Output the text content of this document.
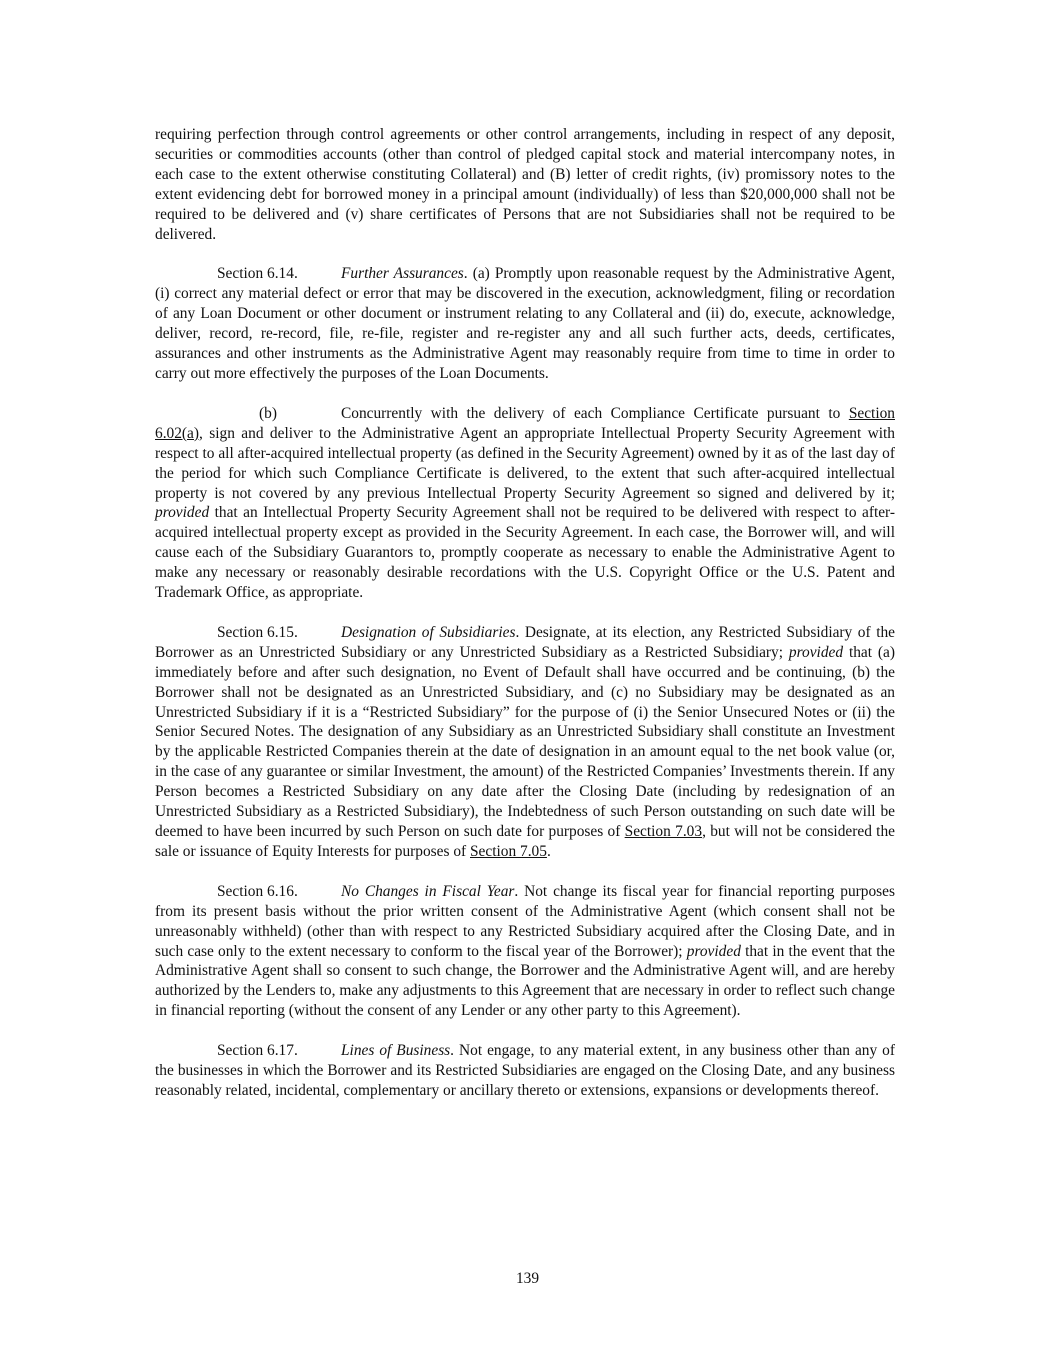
requiring perfection through control agreements or other control arrangements, including in respect of any deposit, securities or commodities accounts (other than control of pledged capital stock and material intercompany notes, in each case to the extent otherwise constituting Collateral) and (B) letter of credit rights, (iv) promissory notes to the extent evidencing debt for borrowed money in a principal amount (individually) of less than $20,000,000 shall not be required to be delivered and (v) share certificates of Persons that are not Subsidiaries shall not be required to be delivered.

Section 6.14.	Further Assurances. (a) Promptly upon reasonable request by the Administrative Agent, (i) correct any material defect or error that may be discovered in the execution, acknowledgment, filing or recordation of any Loan Document or other document or instrument relating to any Collateral and (ii) do, execute, acknowledge, deliver, record, re-record, file, re-file, register and re-register any and all such further acts, deeds, certificates, assurances and other instruments as the Administrative Agent may reasonably require from time to time in order to carry out more effectively the purposes of the Loan Documents.

(b)	Concurrently with the delivery of each Compliance Certificate pursuant to Section 6.02(a), sign and deliver to the Administrative Agent an appropriate Intellectual Property Security Agreement with respect to all after-acquired intellectual property (as defined in the Security Agreement) owned by it as of the last day of the period for which such Compliance Certificate is delivered, to the extent that such after-acquired intellectual property is not covered by any previous Intellectual Property Security Agreement so signed and delivered by it; provided that an Intellectual Property Security Agreement shall not be required to be delivered with respect to after-acquired intellectual property except as provided in the Security Agreement. In each case, the Borrower will, and will cause each of the Subsidiary Guarantors to, promptly cooperate as necessary to enable the Administrative Agent to make any necessary or reasonably desirable recordations with the U.S. Copyright Office or the U.S. Patent and Trademark Office, as appropriate.

Section 6.15.	Designation of Subsidiaries. Designate, at its election, any Restricted Subsidiary of the Borrower as an Unrestricted Subsidiary or any Unrestricted Subsidiary as a Restricted Subsidiary; provided that (a) immediately before and after such designation, no Event of Default shall have occurred and be continuing, (b) the Borrower shall not be designated as an Unrestricted Subsidiary, and (c) no Subsidiary may be designated as an Unrestricted Subsidiary if it is a “Restricted Subsidiary” for the purpose of (i) the Senior Unsecured Notes or (ii) the Senior Secured Notes. The designation of any Subsidiary as an Unrestricted Subsidiary shall constitute an Investment by the applicable Restricted Companies therein at the date of designation in an amount equal to the net book value (or, in the case of any guarantee or similar Investment, the amount) of the Restricted Companies’ Investments therein. If any Person becomes a Restricted Subsidiary on any date after the Closing Date (including by redesignation of an Unrestricted Subsidiary as a Restricted Subsidiary), the Indebtedness of such Person outstanding on such date will be deemed to have been incurred by such Person on such date for purposes of Section 7.03, but will not be considered the sale or issuance of Equity Interests for purposes of Section 7.05.

Section 6.16.	No Changes in Fiscal Year. Not change its fiscal year for financial reporting purposes from its present basis without the prior written consent of the Administrative Agent (which consent shall not be unreasonably withheld) (other than with respect to any Restricted Subsidiary acquired after the Closing Date, and in such case only to the extent necessary to conform to the fiscal year of the Borrower); provided that in the event that the Administrative Agent shall so consent to such change, the Borrower and the Administrative Agent will, and are hereby authorized by the Lenders to, make any adjustments to this Agreement that are necessary in order to reflect such change in financial reporting (without the consent of any Lender or any other party to this Agreement).

Section 6.17.	Lines of Business. Not engage, to any material extent, in any business other than any of the businesses in which the Borrower and its Restricted Subsidiaries are engaged on the Closing Date, and any business reasonably related, incidental, complementary or ancillary thereto or extensions, expansions or developments thereof.

139
